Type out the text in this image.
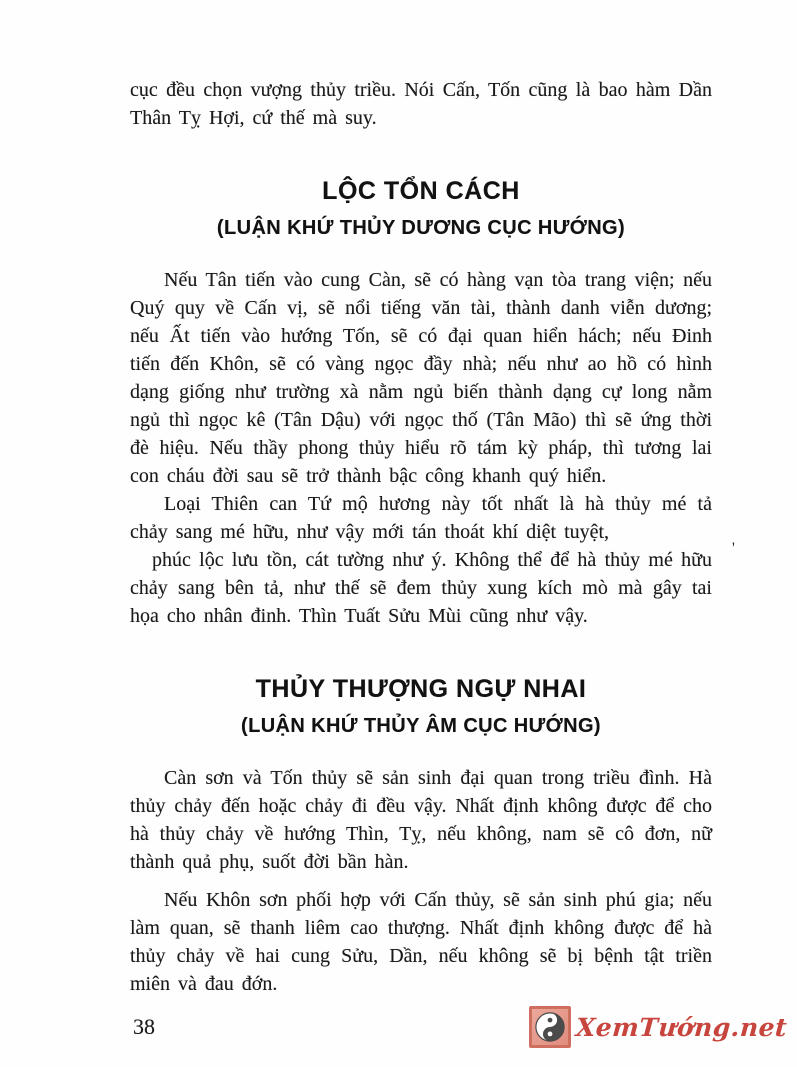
cục đều chọn vượng thủy triều. Nói Cấn, Tốn cũng là bao hàm Dần Thân Tỵ Hợi, cứ thế mà suy.

LỘC TỔN CÁCH
(LUẬN KHỨ THỦY DƯƠNG CỤC HƯỚNG)

Nếu Tân tiến vào cung Càn, sẽ có hàng vạn tòa trang viện; nếu Quý quy về Cấn vị, sẽ nổi tiếng văn tài, thành danh viễn dương; nếu Ất tiến vào hướng Tốn, sẽ có đại quan hiển hách; nếu Đinh tiến đến Khôn, sẽ có vàng ngọc đầy nhà; nếu như ao hồ có hình dạng giống như trường xà nằm ngủ biến thành dạng cự long nằm ngủ thì ngọc kê (Tân Dậu) với ngọc thố (Tân Mão) thì sẽ ứng thời đè hiệu. Nếu thầy phong thủy hiểu rõ tám kỳ pháp, thì tương lai con cháu đời sau sẽ trở thành bậc công khanh quý hiển.

Loại Thiên can Tứ mộ hương này tốt nhất là hà thủy mé tả chảy sang mé hữu, như vậy mới tán thoát khí diệt tuyệt,

phúc lộc lưu tồn, cát tường như ý. Không thể để hà thủy mé hữu chảy sang bên tả, như thế sẽ đem thủy xung kích mò mà gây tai họa cho nhân đinh. Thìn Tuất Sửu Mùi cũng như vậy.

THỦY THƯỢNG NGỰ NHAI
(LUẬN KHỨ THỦY ÂM CỤC HƯỚNG)

Càn sơn và Tốn thủy sẽ sản sinh đại quan trong triều đình. Hà thủy chảy đến hoặc chảy đi đều vậy. Nhất định không được để cho hà thủy chảy về hướng Thìn, Tỵ, nếu không, nam sẽ cô đơn, nữ thành quả phụ, suốt đời bần hàn.

Nếu Khôn sơn phối hợp với Cấn thủy, sẽ sản sinh phú gia; nếu làm quan, sẽ thanh liêm cao thượng. Nhất định không được để hà thủy chảy về hai cung Sửu, Dần, nếu không sẽ bị bệnh tật triền miên và đau đớn.

'
38	XemTướng.net
